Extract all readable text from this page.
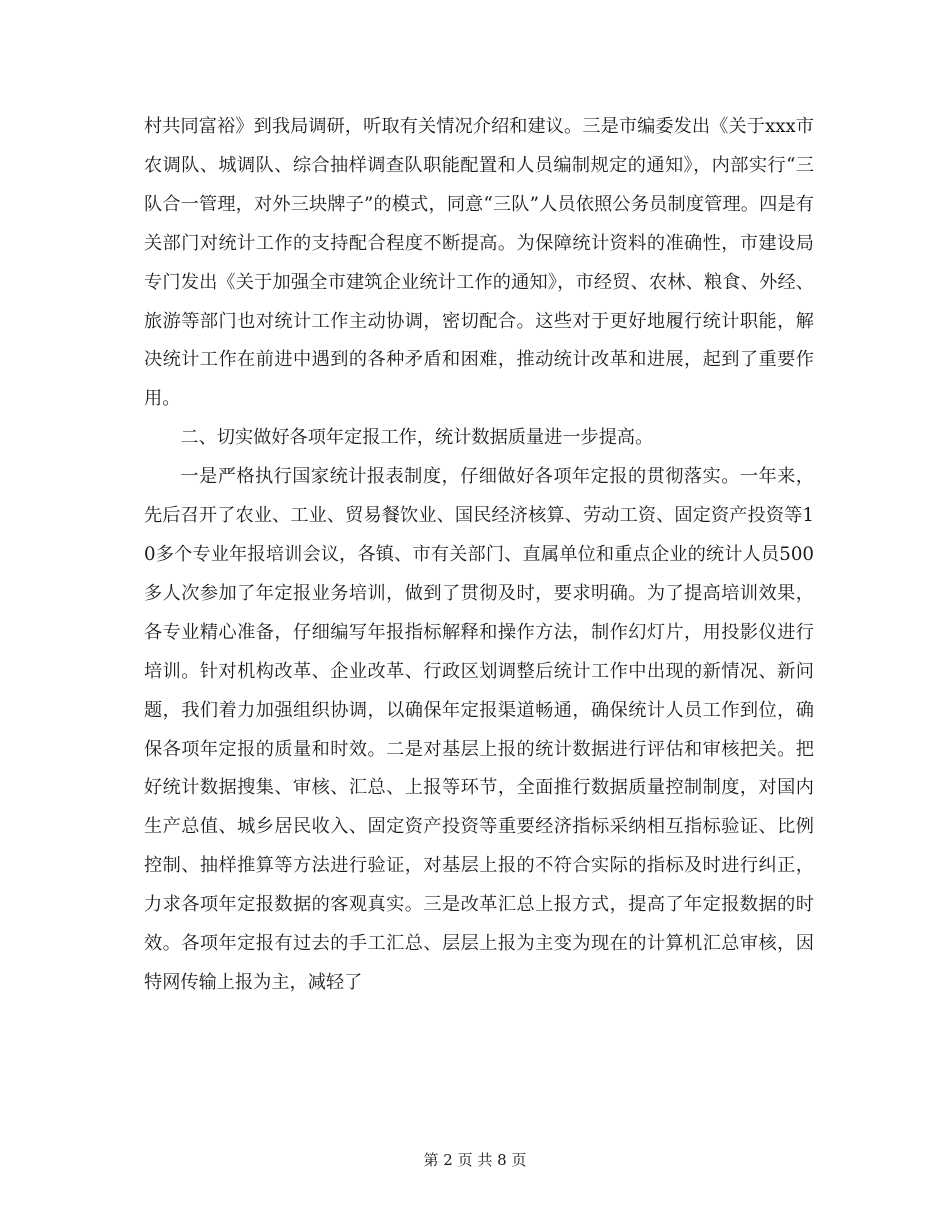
村共同富裕》到我局调研，听取有关情况介绍和建议。三是市编委发出《关于xxx市农调队、城调队、综合抽样调查队职能配置和人员编制规定的通知》，内部实行“三队合一管理，对外三块牌子”的模式，同意“三队”人员依照公务员制度管理。四是有关部门对统计工作的支持配合程度不断提高。为保障统计资料的准确性，市建设局专门发出《关于加强全市建筑企业统计工作的通知》，市经贸、农林、粮食、外经、旅游等部门也对统计工作主动协调，密切配合。这些对于更好地履行统计职能，解决统计工作在前进中遇到的各种矛盾和困难，推动统计改革和进展，起到了重要作用。

二、切实做好各项年定报工作，统计数据质量进一步提高。

一是严格执行国家统计报表制度，仔细做好各项年定报的贯彻落实。一年来，先后召开了农业、工业、贸易餐饮业、国民经济核算、劳动工资、固定资产投资等10多个专业年报培训会议，各镇、市有关部门、直属单位和重点企业的统计人员500多人次参加了年定报业务培训，做到了贯彻及时，要求明确。为了提高培训效果，各专业精心准备，仔细编写年报指标解释和操作方法，制作幻灯片，用投影仪进行培训。针对机构改革、企业改革、行政区划调整后统计工作中出现的新情况、新问题，我们着力加强组织协调，以确保年定报渠道畅通，确保统计人员工作到位，确保各项年定报的质量和时效。二是对基层上报的统计数据进行评估和审核把关。把好统计数据搜集、审核、汇总、上报等环节，全面推行数据质量控制制度，对国内生产总值、城乡居民收入、固定资产投资等重要经济指标采纳相互指标验证、比例控制、抽样推算等方法进行验证，对基层上报的不符合实际的指标及时进行纠正，力求各项年定报数据的客观真实。三是改革汇总上报方式，提高了年定报数据的时效。各项年定报有过去的手工汇总、层层上报为主变为现在的计算机汇总审核，因特网传输上报为主，减轻了

第 2 页 共 8 页
